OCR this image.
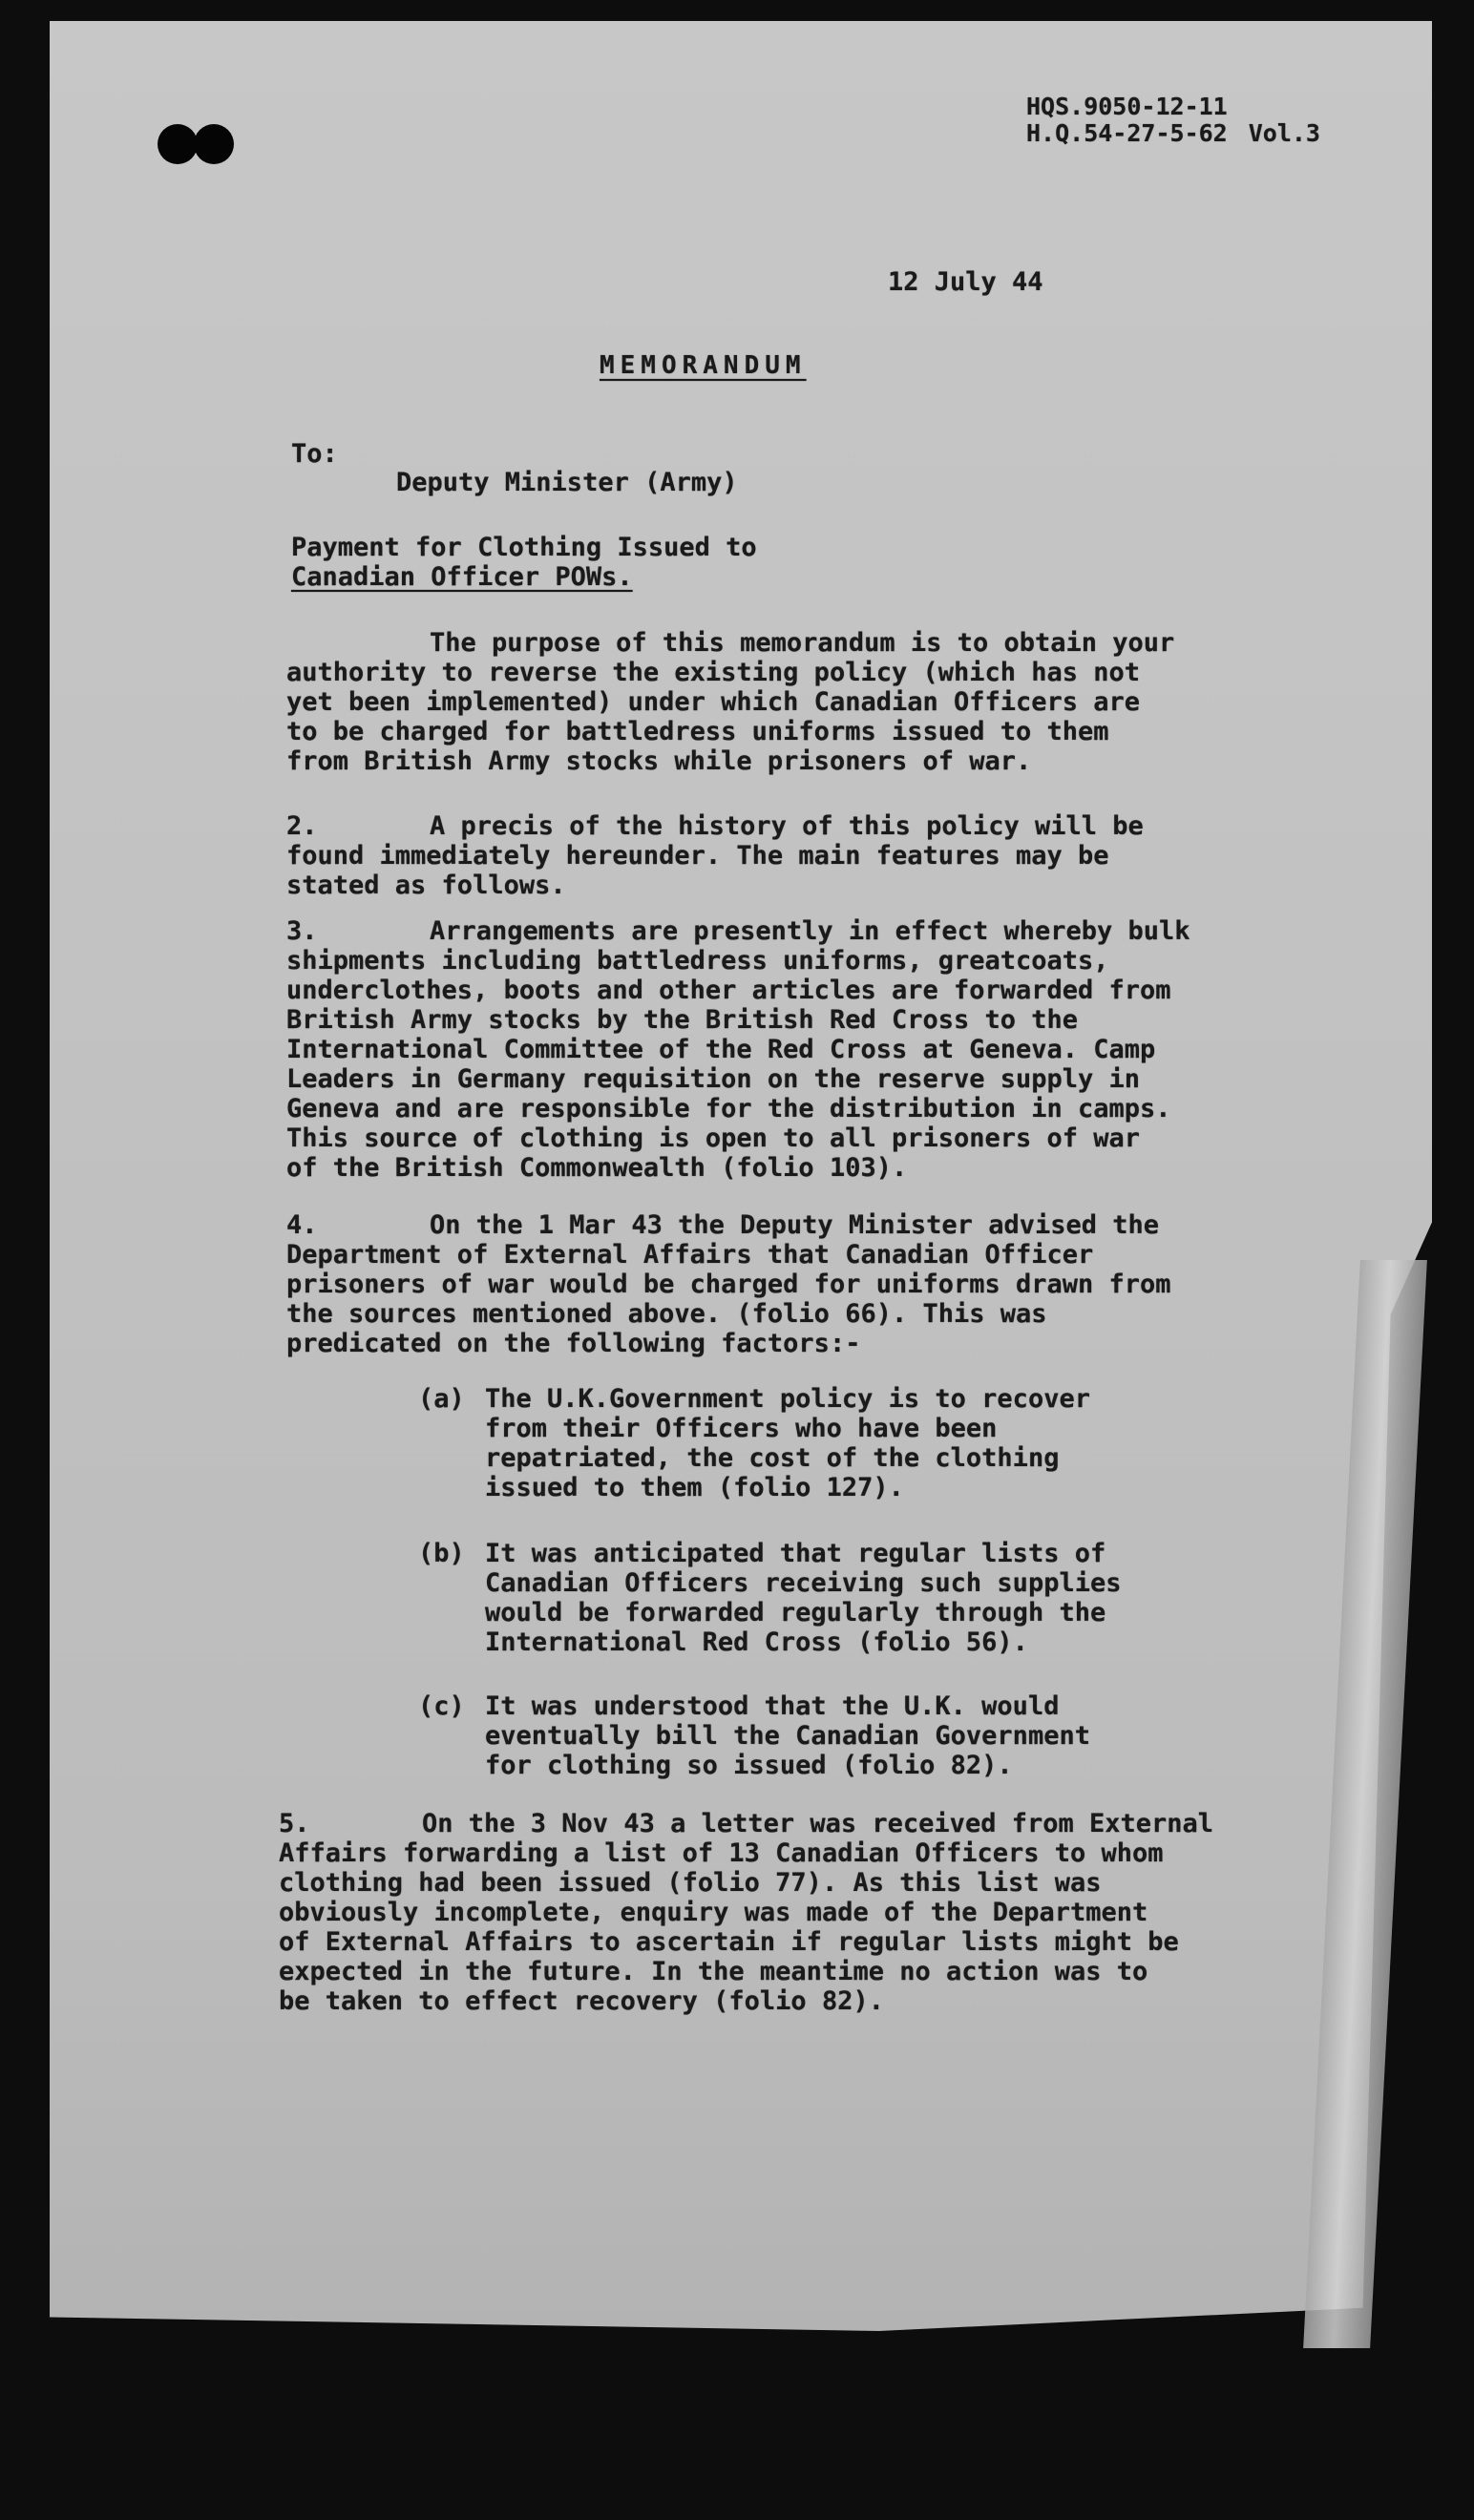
HQS.9050-12-11
H.Q.54-27-5-62 Vol.3
12 July 44
MEMORANDUM
To:
Deputy Minister (Army)
Payment for Clothing Issued to
Canadian Officer POWs.
The purpose of this memorandum is to obtain your
authority to reverse the existing policy (which has not
yet been implemented) under which Canadian Officers are
to be charged for battledress uniforms issued to them
from British Army stocks while prisoners of war.
2.	A precis of the history of this policy will be
found immediately hereunder. The main features may be
stated as follows.
3.	Arrangements are presently in effect whereby bulk
shipments including battledress uniforms, greatcoats,
underclothes, boots and other articles are forwarded from
British Army stocks by the British Red Cross to the
International Committee of the Red Cross at Geneva. Camp
Leaders in Germany requisition on the reserve supply in
Geneva and are responsible for the distribution in camps.
This source of clothing is open to all prisoners of war
of the British Commonwealth (folio 103).
4.	On the 1 Mar 43 the Deputy Minister advised the
Department of External Affairs that Canadian Officer
prisoners of war would be charged for uniforms drawn from
the sources mentioned above. (folio 66). This was
predicated on the following factors:-
(a) The U.K.Government policy is to recover
from their Officers who have been
repatriated, the cost of the clothing
issued to them (folio 127).
(b) It was anticipated that regular lists of
Canadian Officers receiving such supplies
would be forwarded regularly through the
International Red Cross (folio 56).
(c) It was understood that the U.K. would
eventually bill the Canadian Government
for clothing so issued (folio 82).
5.	On the 3 Nov 43 a letter was received from External
Affairs forwarding a list of 13 Canadian Officers to whom
clothing had been issued (folio 77). As this list was
obviously incomplete, enquiry was made of the Department
of External Affairs to ascertain if regular lists might be
expected in the future. In the meantime no action was to
be taken to effect recovery (folio 82).
